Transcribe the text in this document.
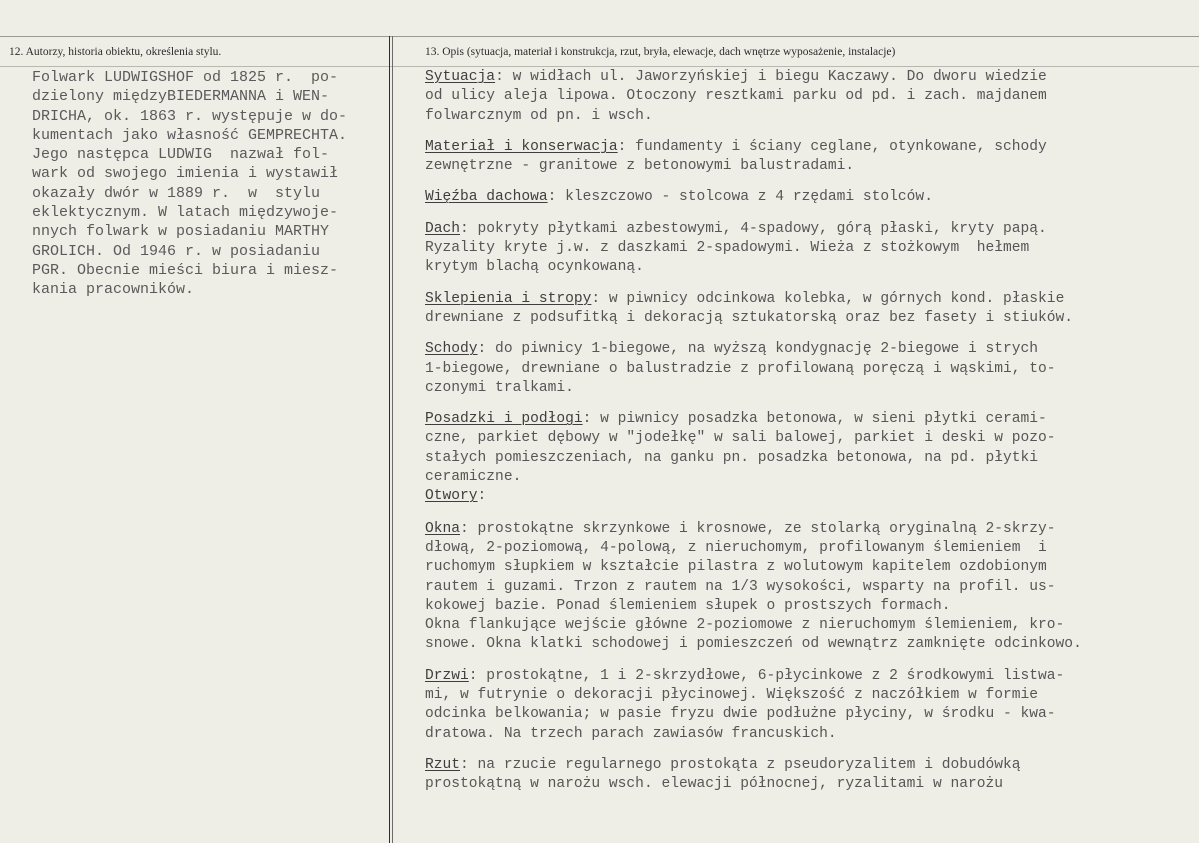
12. Autorzy, historia obiektu, określenia stylu.	13. Opis (sytuacja, materiał i konstrukcja, rzut, bryła, elewacje, dach wnętrze wyposażenie, instalacje)
Folwark LUDWIGSHOF od 1825 r.  po-
dzielony międzyBIEDERMANNA i WEN-
DRICHA, ok. 1863 r. występuje w do-
kumentach jako własność GEMPRECHTA.
Jego następca LUDWIG  nazwał fol-
wark od swojego imienia i wystawił
okazały dwór w 1889 r.  w  stylu
eklektycznym. W latach międzywoje-
nnych folwark w posiadaniu MARTHY
GROLICH. Od 1946 r. w posiadaniu
PGR. Obecnie mieści biura i miesz-
kania pracowników.
Sytuacja: w widłach ul. Jaworzyńskiej i biegu Kaczawy. Do dworu wiedzie
od ulicy aleja lipowa. Otoczony resztkami parku od pd. i zach. majdanem
folwarcznym od pn. i wsch.
Materiał i konserwacja: fundamenty i ściany ceglane, otynkowane, schody
zewnętrzne - granitowe z betonowymi balustradami.
Więźba dachowa: kleszczowo - stolcowa z 4 rzędami stolców.
Dach: pokryty płytkami azbestowymi, 4-spadowy, górą płaski, kryty papą.
Ryzality kryte j.w. z daszkami 2-spadowymi. Wieża z stożkowym  hełmem
krytym blachą ocynkowaną.
Sklepienia i stropy: w piwnicy odcinkowa kolebka, w górnych kond. płaskie
drewniane z podsufitką i dekoracją sztukatorską oraz bez fasety i stiuków.
Schody: do piwnicy 1-biegowe, na wyższą kondygnację 2-biegowe i strych
1-biegowe, drewniane o balustradzie z profilowaną poręczą i wąskimi, to-
czonymi tralkami.
Posadzki i podłogi: w piwnicy posadzka betonowa, w sieni płytki cerami-
czne, parkiet dębowy w "jodełkę" w sali balowej, parkiet i deski w pozo-
stałych pomieszczeniach, na ganku pn. posadzka betonowa, na pd. płytki
ceramiczne.
Otwory:
Okna: prostokątne skrzynkowe i krosnowe, ze stolarką oryginalną 2-skrzy-
dłową, 2-poziomową, 4-polową, z nieruchomym, profilowanym ślemieniem  i
ruchomym słupkiem w kształcie pilastra z wolutowym kapitelem ozdobionym
rautem i guzami. Trzon z rautem na 1/3 wysokości, wsparty na profil. us-
kokowej bazie. Ponad ślemieniem słupek o prostszych formach.
Okna flankujące wejście główne 2-poziomowe z nieruchomym ślemieniem, kro-
snowe. Okna klatki schodowej i pomieszczeń od wewnątrz zamknięte odcinkowo.
Drzwi: prostokątne, 1 i 2-skrzydłowe, 6-płycinkowe z 2 środkowymi listwa-
mi, w futrynie o dekoracji płycinowej. Większość z naczółkiem w formie
odcinka belkowania; w pasie fryzu dwie podłużne płyciny, w środku - kwa-
dratowa. Na trzech parach zawiasów francuskich.
Rzut: na rzucie regularnego prostokąta z pseudoryzalitem i dobudówką
prostokątną w narożu wsch. elewacji północnej, ryzalitami w narożu
